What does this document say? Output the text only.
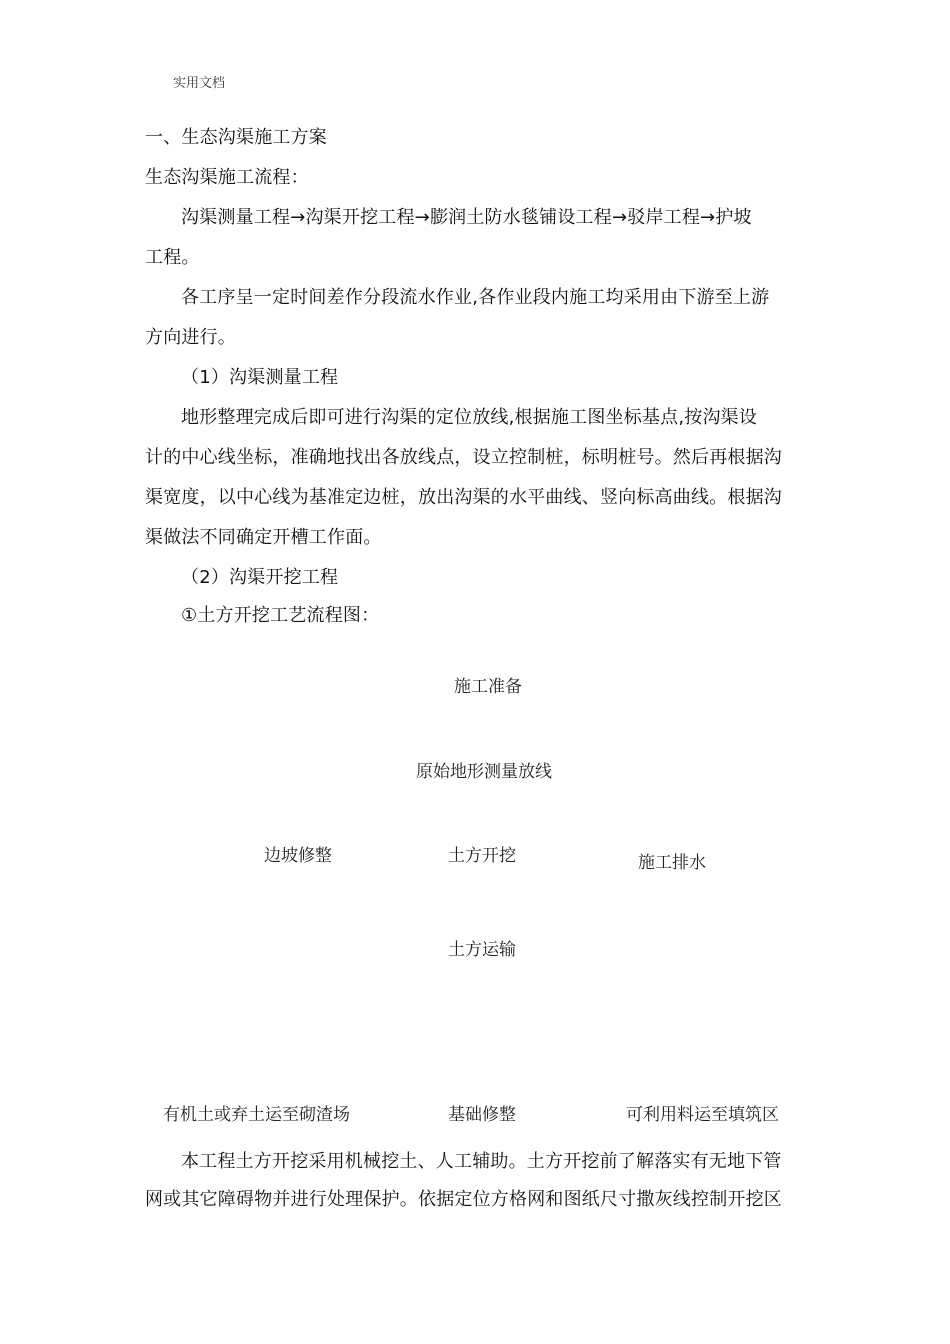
实用文档
一、生态沟渠施工方案
生态沟渠施工流程：
沟渠测量工程→沟渠开挖工程→膨润土防水毯铺设工程→驳岸工程→护坡
工程。
各工序呈一定时间差作分段流水作业,各作业段内施工均采用由下游至上游
方向进行。
（1）沟渠测量工程
地形整理完成后即可进行沟渠的定位放线,根据施工图坐标基点,按沟渠设
计的中心线坐标，准确地找出各放线点，设立控制桩，标明桩号。然后再根据沟
渠宽度，以中心线为基准定边桩，放出沟渠的水平曲线、竖向标高曲线。根据沟
渠做法不同确定开槽工作面。
（2）沟渠开挖工程
①土方开挖工艺流程图：
施工准备
原始地形测量放线
边坡修整	土方开挖	施工排水
土方运输
有机土或弃土运至砌渣场	基础修整	可利用料运至填筑区
本工程土方开挖采用机械挖土、人工辅助。土方开挖前了解落实有无地下管
网或其它障碍物并进行处理保护。依据定位方格网和图纸尺寸撒灰线控制开挖区
